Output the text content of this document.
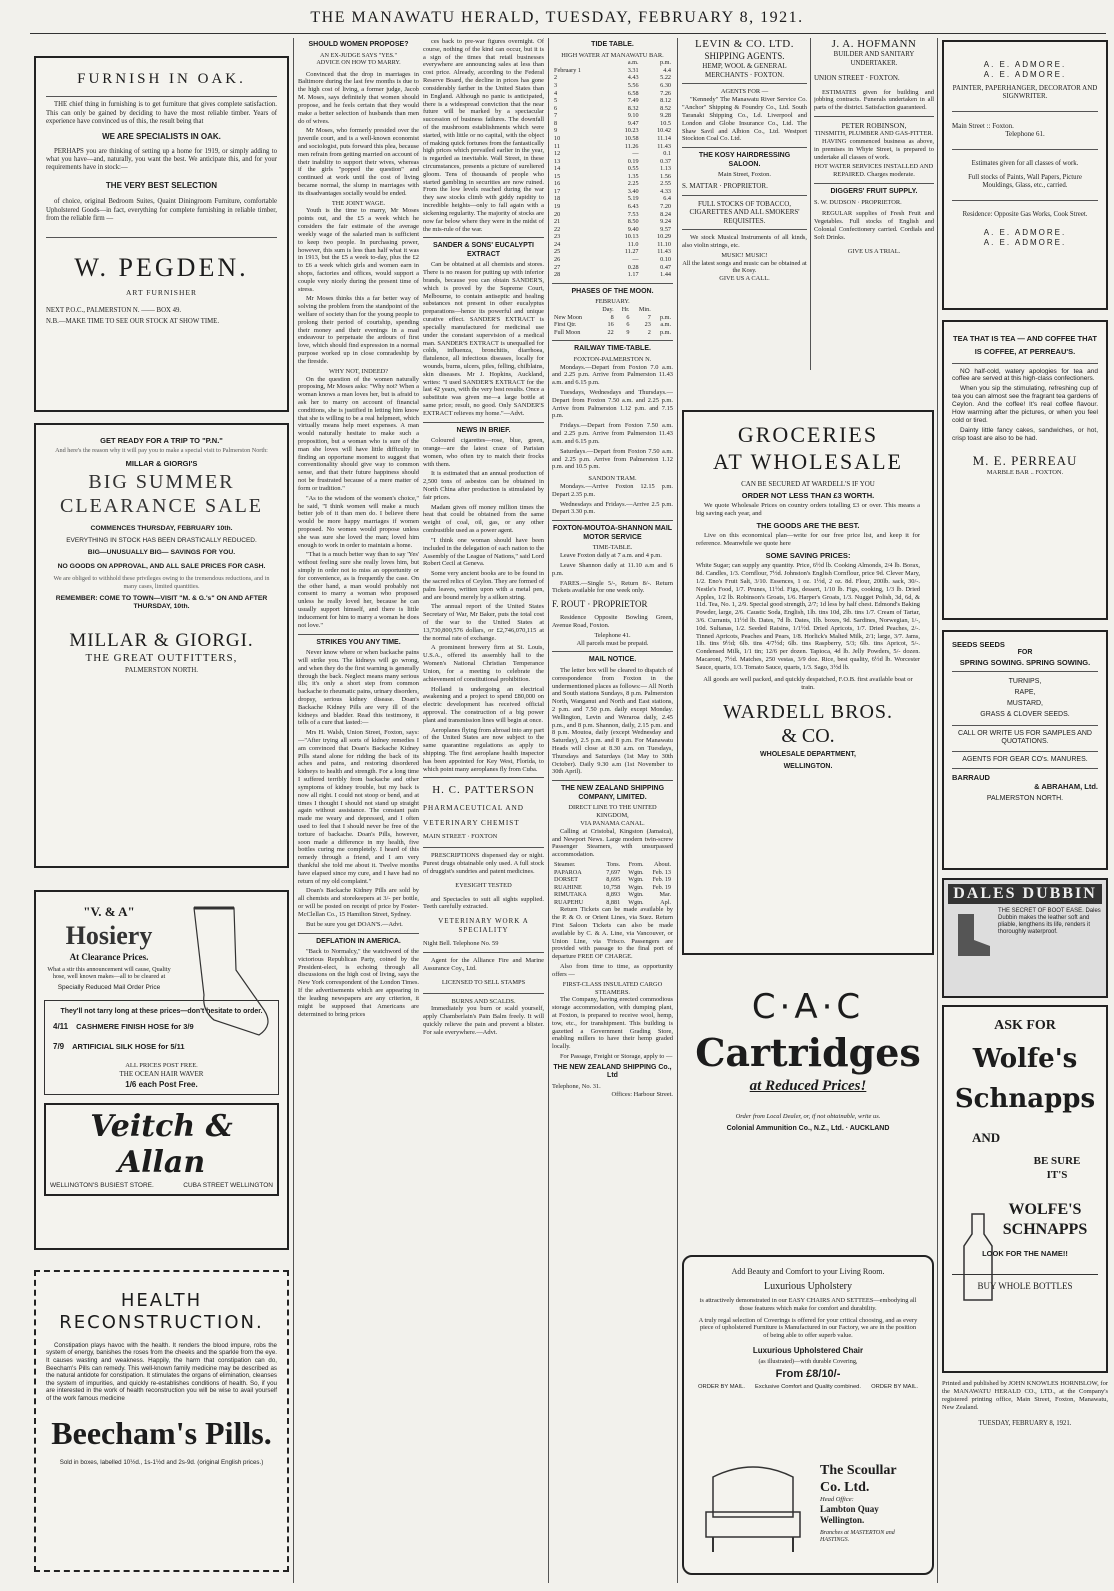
THE MANAWATU HERALD, TUESDAY, FEBRUARY 8, 1921.
FURNISH IN OAK.
THE chief thing in furnishing is to get furniture that gives complete satisfaction. This can only be gained by deciding to have the most reliable timber. Years of experience have convinced us of this, the result being that
WE ARE SPECIALISTS IN OAK.
PERHAPS you are thinking of setting up a home for 1919, or simply adding to what you have—and, naturally, you want the best. We anticipate this, and for your requirements have in stock:—
THE VERY BEST SELECTION
of choice, original Bedroom Suites, Quaint Diningroom Furniture, comfortable Upholstered Goods—in fact, everything for complete furnishing in reliable timber, from the reliable firm —
W. PEGDEN.
ART FURNISHER
NEXT P.O.C., PALMERSTON N. —— BOX 49.
N.B.—MAKE TIME TO SEE OUR STOCK AT SHOW TIME.
GET READY FOR A TRIP TO "P.N."
And here's the reason why it will pay you to make a special visit to Palmerston North:
MILLAR & GIORGI'S
BIG SUMMER
CLEARANCE SALE
COMMENCES THURSDAY, FEBRUARY 10th.
EVERYTHING IN STOCK HAS BEEN DRASTICALLY REDUCED.
BIG—UNUSUALLY BIG— SAVINGS FOR YOU.
NO GOODS ON APPROVAL, AND ALL SALE PRICES FOR CASH.
We are obliged to withhold these privileges owing to the tremendous reductions, and in many cases, limited quantities.
REMEMBER: COME TO TOWN—VISIT "M. & G.'s" ON AND AFTER THURSDAY, 10th.
MILLAR & GIORGI.
THE GREAT OUTFITTERS,
PALMERSTON NORTH.
"V. & A"
Hosiery
At Clearance Prices.
What a stir this announcement will cause, Quality hose, well known makes—all to be cleared at
Specially Reduced Mail Order Price
They'll not tarry long at these prices—don't hesitate to order.
4/11 CASHMERE FINISH HOSE for 3/9
7/9 ARTIFICIAL SILK HOSE for 5/11
ALL PRICES POST FREE.
THE OCEAN HAIR WAVER
1/6 each Post Free.
Veitch & Allan
WELLINGTON'S BUSIEST STORE.	CUBA STREET WELLINGTON
HEALTH RECONSTRUCTION.
Constipation plays havoc with the health. It renders the blood impure, robs the system of energy, banishes the roses from the cheeks and the sparkle from the eye. It causes wasting and weakness. Happily, the harm that constipation can do, Beecham's Pills can remedy. This well-known family medicine may be described as the natural antidote for constipation. It stimulates the organs of elimination, cleanses the system of impurities, and quickly re-establishes conditions of health. So, if you are interested in the work of health reconstruction you will be wise to avail yourself of the work famous medicine
Beecham's Pills.
Sold in boxes, labelled 10½d., 1s-1½d and 2s-9d. (original English prices.)
SHOULD WOMEN PROPOSE?
AN EX-JUDGE SAYS "YES."
ADVICE ON HOW TO MARRY.
Convinced that the drop in marriages in Baltimore during the last few months is due to the high cost of living, a former judge, Jacob M. Moses, says definitely that women should propose, and he feels certain that they would make a better selection of husbands than men do of wives.
Mr Moses, who formerly presided over the juvenile court, and is a well-known economist and sociologist, puts forward this plea, because men refrain from getting married on account of their inability to support their wives, whereas if the girls "popped the question" and continued at work until the cost of living became normal, the slump in marriages with its disadvantages socially would be ended.
THE JOINT WAGE.
Youth is the time to marry, Mr Moses points out, and the £5 a week which he considers the fair estimate of the average weekly wage of the salaried man is sufficient to keep two people. In purchasing power, however, this sum is less than half what it was in 1913, but the £5 a week to-day, plus the £2 to £6 a week which girls and women earn in shops, factories and offices, would support a couple very nicely during the present time of stress.
Mr Moses thinks this a far better way of solving the problem from the standpoint of the welfare of society than for the young people to prolong their period of courtship, spending their money and their evenings in a mad endeavour to perpetuate the ardours of first love, which should find expression in a normal purpose worked up in close comradeship by the fireside.
WHY NOT, INDEED?
On the question of the women naturally proposing, Mr Moses asks: "Why not? When a woman knows a man loves her, but is afraid to ask her to marry on account of financial conditions, she is justified in letting him know that she is willing to be a real helpmeet, which virtually means help meet expenses. A man would naturally hesitate to make such a proposition, but a woman who is sure of the man she loves will have little difficulty in finding an opportune moment to suggest that conventionality should give way to common sense, and that their future happiness should not be frustrated because of a mere matter of form or tradition."
"As to the wisdom of the women's choice," he said, "I think women will make a much better job of it than men do. I believe there would be more happy marriages if women proposed. No women would propose unless she was sure she loved the man; loved him enough to work in order to maintain a home.
"That is a much better way than to say 'Yes' without feeling sure she really loves him, but simply in order not to miss an opportunity or for convenience, as is frequently the case. On the other hand, a man would probably not consent to marry a woman who proposed unless he really loved her, because he can usually support himself, and there is little inducement for him to marry a woman he does not love."
STRIKES YOU ANY TIME.
Never know where or when backache pains will strike you. The kidneys will go wrong, and when they do the first warning is generally through the back. Neglect means many serious ills; it's only a short step from common backache to rheumatic pains, urinary disorders, dropsy, serious kidney disease. Doan's Backache Kidney Pills are very ill of the kidneys and bladder. Read this testimony, it tells of a cure that lasted:—
Mrs H. Walsh, Union Street, Foxton, says:—"After trying all sorts of kidney remedies I am convinced that Doan's Backache Kidney Pills stand alone for ridding the back of its aches and pains, and restoring disordered kidneys to health and strength. For a long time I suffered terribly from backache and other symptoms of kidney trouble, but my back is now all right. I could not stoop or bend, and at times I thought I should not stand up straight again without assistance. The constant pain made me weary and depressed, and I often used to feel that I should never be free of the torture of backache. Doan's Pills, however, soon made a difference in my health, five bottles curing me completely. I heard of this remedy through a friend, and I am very thankful she told me about it. Twelve months have elapsed since my cure, and I have had no return of my old complaint."
Doan's Backache Kidney Pills are sold by all chemists and storekeepers at 3/- per bottle, or will be posted on receipt of price by Foster-McClellan Co., 15 Hamilton Street, Sydney.
But be sure you get DOAN'S.—Advt.
DEFLATION IN AMERICA.
"Back to Normalcy," the watchword of the victorious Republican Party, coined by the President-elect, is echoing through all discussions on the high cost of living, says the New York correspondent of the London Times. If the advertisements which are appearing in the leading newspapers are any criterion, it might be supposed that Americans are determined to bring prices
ces back to pre-war figures overnight. Of course, nothing of the kind can occur, but it is a sign of the times that retail businesses everywhere are announcing sales at less than cost price. Already, according to the Federal Reserve Board, the decline in prices has gone considerably farther in the United States than in England. Although no panic is anticipated, there is a widespread conviction that the near future will be marked by a spectacular succession of business failures. The downfall of the mushroom establishments which were started, with little or no capital, with the object of making quick fortunes from the fantastically high prices which prevailed earlier in the year, is regarded as inevitable. Wall Street, in these circumstances, presents a picture of sureliered gloom. Tens of thousands of people who started gambling in securities are now ruined. From the low levels reached during the war they saw stocks climb with giddy rapidity to incredible heights—only to fall again with a sickening regularity. The majority of stocks are now far below where they were in the midst of the mis-rule of the war.
SANDER & SONS' EUCALYPTI EXTRACT
Can be obtained at all chemists and stores. There is no reason for putting up with inferior brands, because you can obtain SANDER'S, which is proved by the Supreme Court, Melbourne, to contain antiseptic and healing substances not present in other eucalyptus preparations—hence its powerful and unique curative effect. SANDER'S EXTRACT is specially manufactured for medicinal use under the constant supervision of a medical man. SANDER'S EXTRACT is unequalled for colds, influenza, bronchitis, diarrhoea, flatulence, all infectious diseases, locally for wounds, burns, ulcers, piles, felling, chilblains, skin diseases. Mr J. Hopkins, Auckland, writes: "I used SANDER'S EXTRACT for the last 42 years, with the very best results. Once a substitute was given me—a large bottle at same price; result, no good. Only SANDER'S EXTRACT relieves my home."—Advt.
NEWS IN BRIEF.
Coloured cigarettes—rose, blue, green, orange—are the latest craze of Parisian women, who often try to match their frocks with them.
It is estimated that an annual production of 2,500 tons of asbestos can be obtained in North China after production is stimulated by fair prices.
Madam gives off money million times the heat that could be obtained from the same weight of coal, oil, gas, or any other combustible used as a power agent.
"I think one woman should have been included in the delegation of each nation to the Assembly of the League of Nations," said Lord Robert Cecil at Geneva.
Some very ancient books are to be found in the sacred relics of Ceylon. They are formed of palm leaves, written upon with a metal pen, and are bound merely by a silken string.
The annual report of the United States Secretary of War, Mr Baker, puts the total cost of the war to the United States at 13,730,800,576 dollars, or £2,746,070,115 at the normal rate of exchange.
A prominent brewery firm at St. Louis, U.S.A., offered its assembly hall to the Women's National Christian Temperance Union, for a meeting to celebrate the achievement of constitutional prohibition.
Holland is undergoing an electrical awakening and a project to spend £80,000 on electric development has received official approval. The construction of a big power plant and transmission lines will begin at once.
Aeroplanes flying from abroad into any part of the United States are now subject to the same quarantine regulations as apply to shipping. The first aeroplane health inspector has been appointed for Key West, Florida, to which point many aeroplanes fly from Cuba.
H. C. PATTERSON
PHARMACEUTICAL AND
VETERINARY CHEMIST
MAIN STREET · FOXTON
PRESCRIPTIONS dispensed day or night. Purest drugs obtainable only used. A full stock of druggist's sundries and patent medicines.
EYESIGHT TESTED
and Spectacles to suit all sights supplied. Teeth carefully extracted.
VETERINARY WORK A SPECIALITY
Night Bell. Telephone No. 59
Agent for the Alliance Fire and Marine Assurance Coy., Ltd.
LICENSED TO SELL STAMPS
BURNS AND SCALDS.
Immediately you burn or scald yourself, apply Chamberlain's Pain Balm freely. It will quickly relieve the pain and prevent a blister. For sale everywhere.—Advt.
TIDE TABLE.
HIGH WATER AT MANAWATU BAR.
	a.m.	p.m.
February 1	3.31	4.4
2	4.43	5.22
3	5.56	6.30
4	6.58	7.26
5	7.49	8.12
6	8.32	8.52
7	9.10	9.28
8	9.47	10.5
9	10.23	10.42
10	10.58	11.14
11	11.26	11.43
12	—	0.1
13	0.19	0.37
14	0.55	1.13
15	1.35	1.56
16	2.25	2.55
17	3.40	4.33
18	5.19	6.4
19	6.43	7.20
20	7.53	8.24
21	8.50	9.24
22	9.40	9.57
23	10.13	10.29
24	11.0	11.10
25	11.27	11.43
26	—	0.10
27	0.28	0.47
28	1.17	1.44
PHASES OF THE MOON.
FEBRUARY.
	Day.	Hr.	Min.	
New Moon	8	6	7	p.m.
First Qtr.	16	6	23	a.m.
Full Moon	22	9	2	p.m.
RAILWAY TIME-TABLE.
FOXTON-PALMERSTON N.
Mondays.—Depart from Foxton 7.0 a.m. and 2.25 p.m. Arrive from Palmerston 11.43 a.m. and 6.15 p.m.
Tuesdays, Wednesdays and Thursdays.—Depart from Foxton 7.50 a.m. and 2.25 p.m. Arrive from Palmerston 1.12 p.m. and 7.15 p.m.
Fridays.—Depart from Foxton 7.50 a.m. and 2.25 p.m. Arrive from Palmerston 11.43 a.m. and 6.15 p.m.
Saturdays.—Depart from Foxton 7.50 a.m. and 2.25 p.m. Arrive from Palmerston 1.12 p.m. and 10.5 p.m.
SANDON TRAM.
Mondays.—Arrive Foxton 12.15 p.m. Depart 2.35 p.m.
Wednesdays and Fridays.—Arrive 2.5 p.m. Depart 3.30 p.m.
FOXTON-MOUTOA-SHANNON MAIL MOTOR SERVICE
TIME-TABLE.
Leave Foxton daily at 7 a.m. and 4 p.m.
Leave Shannon daily at 11.10 a.m and 6 p.m.
FARES.—Single 5/-, Return 8/-. Return Tickets available for one week only.
F. ROUT · PROPRIETOR
Residence Opposite Bowling Green, Avenue Road, Foxton.
Telephone 41.
All parcels must be prepaid.
MAIL NOTICE.
The letter box will be cleared to dispatch of correspondence from Foxton in the undermentioned places as follows:— All North and South stations Sundays, 8 p.m. Palmerston North, Wanganui and North and East stations, 2 p.m. and 7.50 p.m. daily except Monday. Wellington, Levin and Weraroa daily, 2.45 p.m., and 8 p.m. Shannon, daily, 2.15 p.m. and 8 p.m. Moutoa, daily (except Wednesday and Saturday), 2.5 p.m. and 8 p.m. For Manawatu Heads will close at 8.30 a.m. on Tuesdays, Thursdays and Saturdays (1st May to 30th October). Daily 9.30 a.m (1st November to 30th April).
THE NEW ZEALAND SHIPPING COMPANY, LIMITED.
DIRECT LINE TO THE UNITED KINGDOM,
VIA PANAMA CANAL.
Calling at Cristobal, Kingston (Jamaica), and Newport News. Large modern twin-screw Passenger Steamers, with unsurpassed accommodation.
Steamer.	Tons.	From.	About.
PAPAROA	7,697	Wgtn.	Feb. 13
DORSET	8,695	Wgtn.	Feb. 19
RUAHINE	10,758	Wgtn.	Feb. 19
RIMUTAKA	8,893	Wgtn.	Mar.
RUAPEHU	8,881	Wgtn.	Apl.
Return Tickets can be made available by the P. & O. or Orient Lines, via Suez. Return First Saloon Tickets can also be made available by C. & A. Line, via Vancouver, or Union Line, via 'Frisco. Passengers are provided with passage to the final port of departure FREE OF CHARGE.
Also from time to time, as opportunity offers —
FIRST-CLASS INSULATED CARGO STEAMERS.
The Company, having erected commodious storage accommodation, with dumping plant, at Foxton, is prepared to receive wool, hemp, tow, etc., for transhipment. This building is gazetted a Government Grading Store, enabling millers to have their hemp graded locally.
For Passage, Freight or Storage, apply to —
THE NEW ZEALAND SHIPPING Co., Ltd
Telephone, No. 31.
Offices: Harbour Street.
LEVIN & CO. LTD.
SHIPPING AGENTS.
HEMP, WOOL & GENERAL MERCHANTS · FOXTON.
AGENTS FOR —
"Kennedy" The Manawatu River Service Co. "Anchor" Shipping & Foundry Co., Ltd. South Taranaki Shipping Co., Ld. Liverpool and London and Globe Insurance Co., Ltd. The Shaw Savil and Albion Co., Ltd. Westport Stockton Coal Co. Ltd.
THE KOSY HAIRDRESSING SALOON.
Main Street, Foxton.
S. MATTAR · PROPRIETOR.
FULL STOCKS OF TOBACCO, CIGARETTES AND ALL SMOKERS' REQUISITES.
We stock Musical Instruments of all kinds, also violin strings, etc.
MUSIC! MUSIC!
All the latest songs and music can be obtained at the Kosy.
GIVE US A CALL.
J. A. HOFMANN
BUILDER AND SANITARY UNDERTAKER.
UNION STREET · FOXTON.
ESTIMATES given for building and jobbing contracts. Funerals undertaken in all parts of the district. Satisfaction guaranteed.
PETER ROBINSON,
TINSMITH, PLUMBER AND GAS-FITTER.
HAVING commenced business as above, in premises in Whyte Street, is prepared to undertake all classes of work.
HOT WATER SERVICES INSTALLED AND REPAIRED. Charges moderate.
DIGGERS' FRUIT SUPPLY.
S. W. DUDSON · PROPRIETOR.
REGULAR supplies of Fresh Fruit and Vegetables. Full stocks of English and Colonial Confectionery carried. Cordials and Soft Drinks.
GIVE US A TRIAL.
GROCERIES
AT WHOLESALE
CAN BE SECURED AT WARDELL'S IF YOU
ORDER NOT LESS THAN £3 WORTH.
We quote Wholesale Prices on country orders totalling £3 or over. This means a big saving each year, and
THE GOODS ARE THE BEST.
Live on this economical plan—write for our free price list, and keep it for reference. Meanwhile we quote here
SOME SAVING PRICES:
White Sugar; can supply any quantity. Price, 6½d lb. Cooking Almonds, 2/4 lb. Borax, 8d. Candles, 1/3. Cornflour, 7½d. Johnston's English Cornflour, price 9d. Clever Mary, 1/2. Eno's Fruit Salt, 3/10. Essences, 1 oz. 1½d, 2 oz. 8d. Flour, 200lb. sack, 30/-. Nestle's Food, 1/7. Prunes, 11½d. Figs, dessert, 1/10 lb. Figs, cooking, 1/3 lb. Dried Apples, 1/2 lb. Robinson's Groats, 1/6. Harper's Groats, 1/3. Nugget Polish, 3d, 6d, & 11d. Tea, No. 1, 2/9. Special good strength, 2/7; 1d less by half chest. Edmond's Baking Powder, large, 2/6. Caustic Soda, English, 1lb. tins 10d, 2lb. tins 1/7. Cream of Tartar, 3/6. Currants, 11½d lb. Dates, 7d lb. Dates, 1lb. boxes, 9d. Sardines, Norwegian, 1/-, 10d. Sultanas, 1/2. Seeded Raisins, 1/1½d. Dried Apricots, 1/7. Dried Peaches, 2/-. Tinned Apricots, Peaches and Pears, 1/8. Horlick's Malted Milk, 2/1; large, 3/7. Jams, 1lb. tins 9½d; 6lb. tins 4/7½d; 6lb. tins Raspberry, 5/3; 6lb. tins Apricot, 5/-. Condensed Milk, 1/1 tin; 12/6 per dozen. Tapioca, 4d lb. Jelly Powders, 5/- dozen. Macaroni, 7½d. Matches, 250 vestas, 3/9 doz. Rice, best quality, 6½d lb. Worcester Sauce, quarts, 1/3. Tomato Sauce, quarts, 1/3. Sago, 3½d lb.
All goods are well packed, and quickly despatched, F.O.B. first available boat or train.
WARDELL BROS.
& CO.
WHOLESALE DEPARTMENT,
WELLINGTON.
C·A·C
Cartridges
at Reduced Prices!
Order from Local Dealer, or, if not obtainable, write us.
Colonial Ammunition Co., N.Z., Ltd. · AUCKLAND
Add Beauty and Comfort to your Living Room.
Luxurious Upholstery
is attractively demonstrated in our EASY CHAIRS AND SETTEES—embodying all those features which make for comfort and durability.
A truly regal selection of Coverings is offered for your critical choosing, and as every piece of upholstered Furniture is Manufactured in our Factory, we are in the position of being able to offer superb value.
Luxurious Upholstered Chair
(as illustrated)—with durable Covering,
From £8/10/-
ORDER BY MAIL. Exclusive Comfort and Quality combined. ORDER BY MAIL.
The Scoullar
Co. Ltd.
Head Office:
Lambton Quay
Wellington.
Branches at MASTERTON and HASTINGS.
A. E. ADMORE.
A. E. ADMORE.
PAINTER, PAPERHANGER, DECORATOR AND SIGNWRITER.
Main Street :: Foxton.
Telephone 61.
Estimates given for all classes of work.
Full stocks of Paints, Wall Papers, Picture Mouldings, Glass, etc., carried.
Residence: Opposite Gas Works, Cook Street.
A. E. ADMORE.
A. E. ADMORE.
TEA THAT IS TEA — AND COFFEE THAT IS COFFEE, AT PERREAU'S.
NO half-cold, watery apologies for tea and coffee are served at this high-class confectioners.
When you sip the stimulating, refreshing cup of tea you can almost see the fragrant tea gardens of Ceylon. And the coffee! It's real coffee flavour. How warming after the pictures, or when you feel cold or tired.
Dainty little fancy cakes, sandwiches, or hot, crisp toast are also to be had.
M. E. PERREAU
MARBLE BAR .. FOXTON.
SEEDS SEEDS
FOR
SPRING SOWING. SPRING SOWING.
TURNIPS,
RAPE,
MUSTARD,
GRASS & CLOVER SEEDS.
CALL OR WRITE US FOR SAMPLES AND QUOTATIONS.
AGENTS FOR GEAR CO's. MANURES.
BARRAUD
& ABRAHAM, Ltd.
PALMERSTON NORTH.
DALES DUBBIN
THE SECRET OF BOOT EASE. Dales Dubbin makes the leather soft and pliable, lengthens its life, renders it thoroughly waterproof.
ASK FOR
Wolfe's
Schnapps
AND
BE SURE IT'S
WOLFE'S SCHNAPPS
LOOK FOR THE NAME!!
BUY WHOLE BOTTLES
Printed and published by JOHN KNOWLES HORNBLOW, for the MANAWATU HERALD CO., LTD., at the Company's registered printing office, Main Street, Foxton, Manawatu, New Zealand.
TUESDAY, FEBRUARY 8, 1921.
